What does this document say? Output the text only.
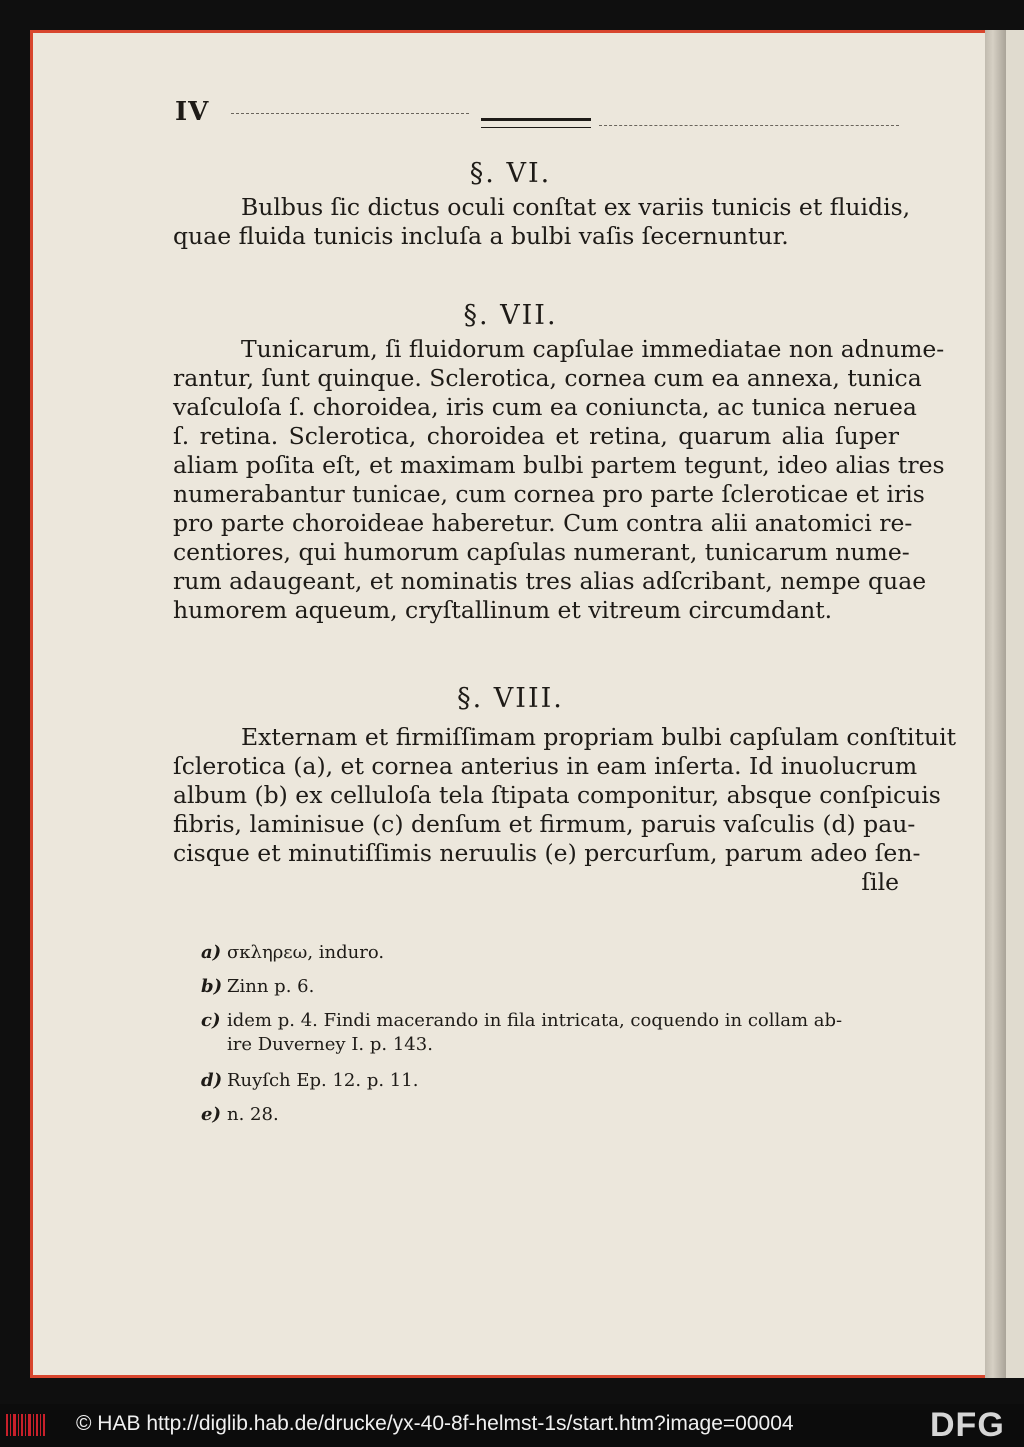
IV
§. VI.
Bulbus ſic dictus oculi conſtat ex variis tunicis et fluidis,
quae fluida tunicis incluſa a bulbi vaſis ſecernuntur.
§. VII.
Tunicarum, ſi fluidorum capſulae immediatae non adnume-
rantur, ſunt quinque. Sclerotica, cornea cum ea annexa, tunica
vaſculoſa ſ. choroidea, iris cum ea coniuncta, ac tunica neruea
ſ. retina. Sclerotica, choroidea et retina, quarum alia ſuper
aliam poſita eſt, et maximam bulbi partem tegunt, ideo alias tres
numerabantur tunicae, cum cornea pro parte ſcleroticae et iris
pro parte choroideae haberetur. Cum contra alii anatomici re-
centiores, qui humorum capſulas numerant, tunicarum nume-
rum adaugeant, et nominatis tres alias adſcribant, nempe quae
humorem aqueum, cryſtallinum et vitreum circumdant.
§. VIII.
Externam et firmiſſimam propriam bulbi capſulam conſtituit
ſclerotica (a), et cornea anterius in eam inſerta. Id inuolucrum
album (b) ex celluloſa tela ſtipata componitur, absque conſpicuis
fibris, laminisue (c) denſum et firmum, paruis vaſculis (d) pau-
cisque et minutiſſimis neruulis (e) percurſum, parum adeo ſen-
ſile
a) σκληρεω, induro.
b) Zinn p. 6.
c) idem p. 4. Findi macerando in fila intricata, coquendo in collam ab-
ire Duverney I. p. 143.
d) Ruyſch Ep. 12. p. 11.
e) n. 28.
© HAB http://diglib.hab.de/drucke/yx-40-8f-helmst-1s/start.htm?image=00004	DFG
